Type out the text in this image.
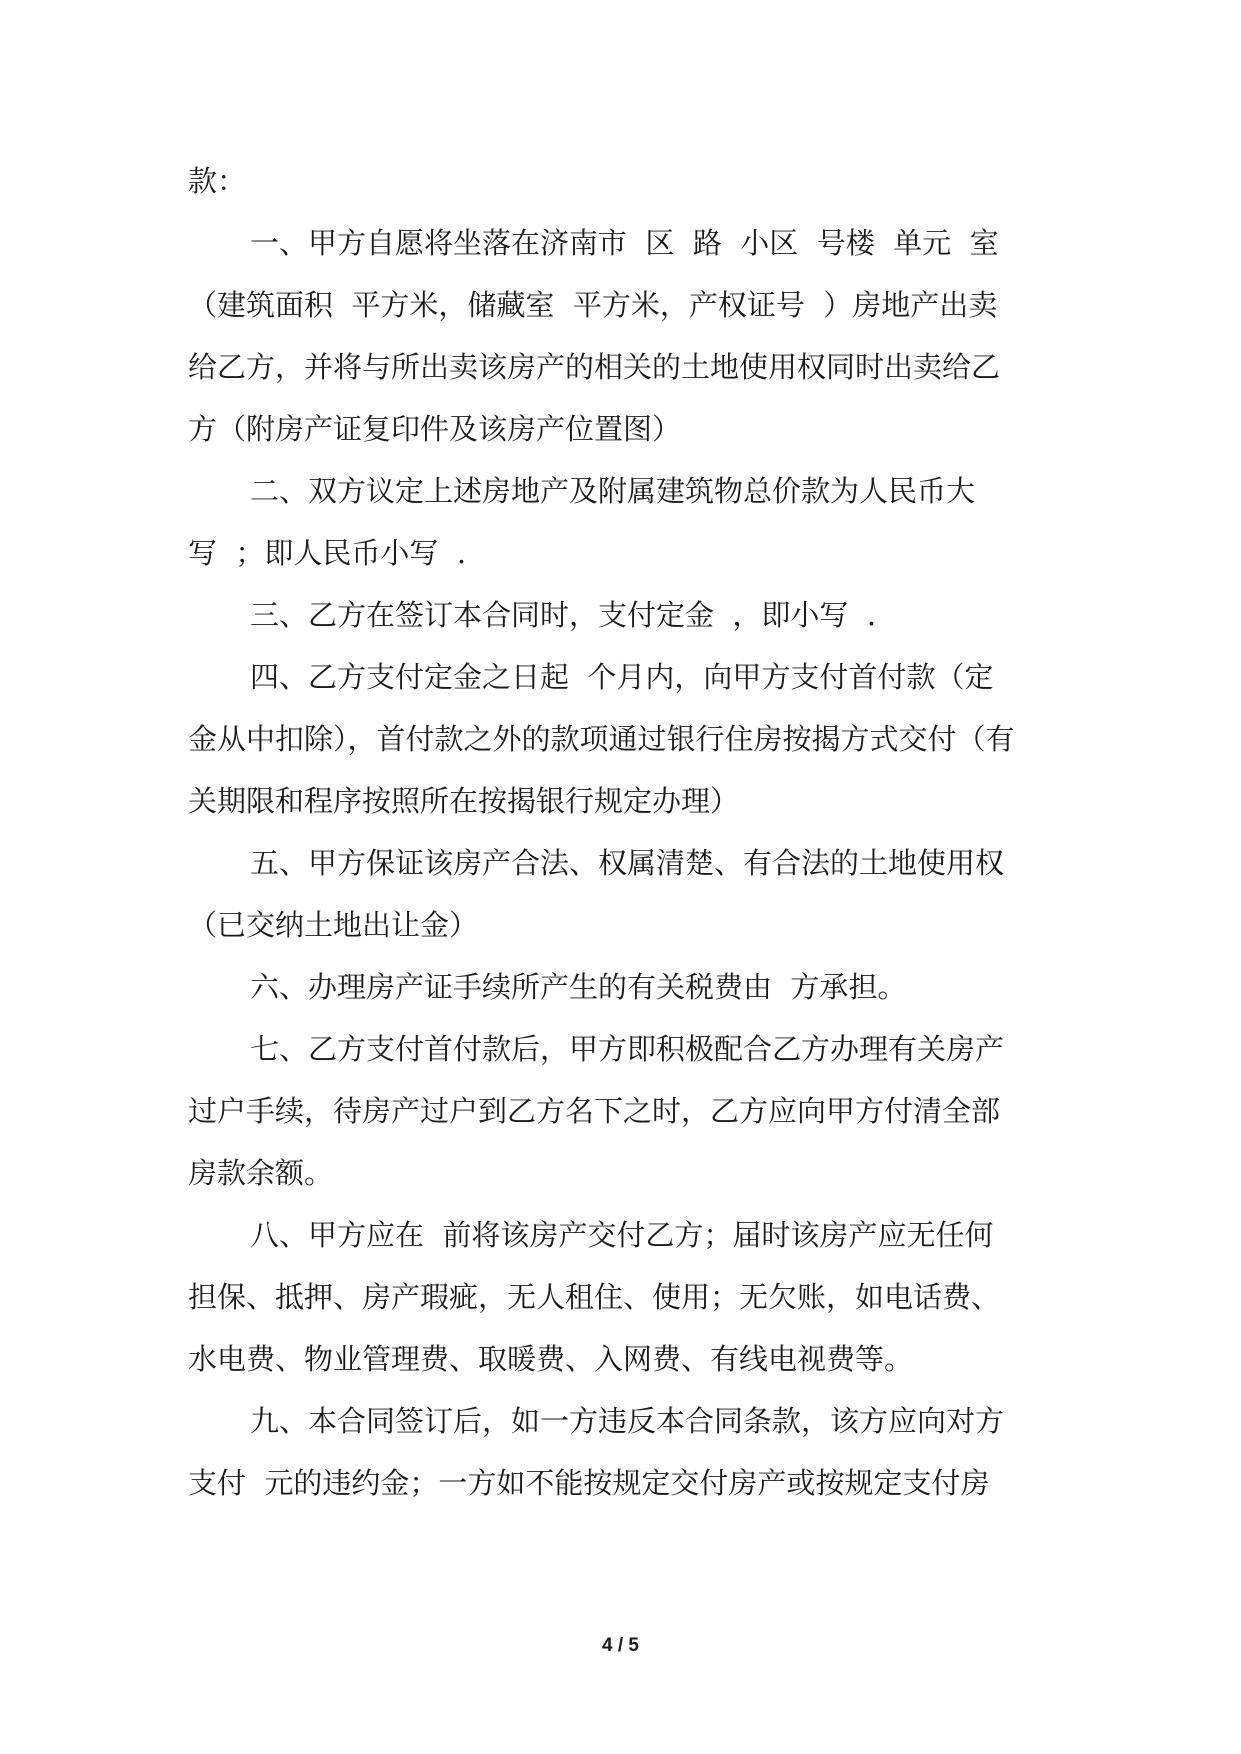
款：
一、甲方自愿将坐落在济南市  区  路  小区  号楼  单元  室
（建筑面积  平方米，储藏室  平方米，产权证号  ）房地产出卖
给乙方，并将与所出卖该房产的相关的土地使用权同时出卖给乙
方（附房产证复印件及该房产位置图）
二、双方议定上述房地产及附属建筑物总价款为人民币大
写  ；即人民币小写  .
三、乙方在签订本合同时，支付定金  ，即小写  .
四、乙方支付定金之日起  个月内，向甲方支付首付款（定
金从中扣除），首付款之外的款项通过银行住房按揭方式交付（有
关期限和程序按照所在按揭银行规定办理）
五、甲方保证该房产合法、权属清楚、有合法的土地使用权
（已交纳土地出让金）
六、办理房产证手续所产生的有关税费由  方承担。
七、乙方支付首付款后，甲方即积极配合乙方办理有关房产
过户手续，待房产过户到乙方名下之时，乙方应向甲方付清全部
房款余额。
八、甲方应在  前将该房产交付乙方；届时该房产应无任何
担保、抵押、房产瑕疵，无人租住、使用；无欠账，如电话费、
水电费、物业管理费、取暖费、入网费、有线电视费等。
九、本合同签订后，如一方违反本合同条款，该方应向对方
支付  元的违约金；一方如不能按规定交付房产或按规定支付房
4 / 5
